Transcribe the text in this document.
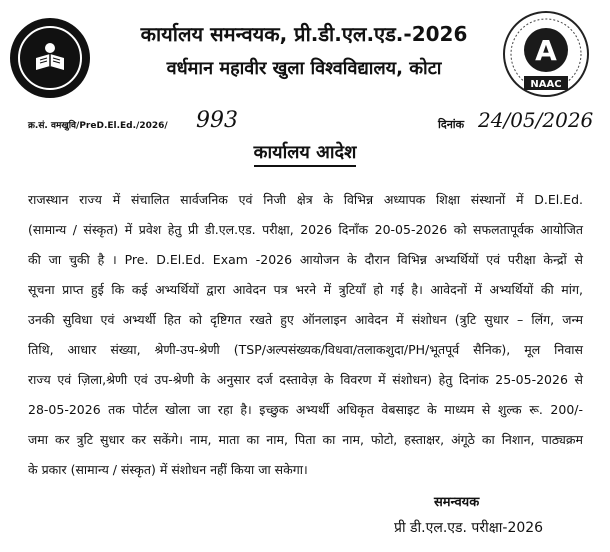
A
NAAC
कार्यालय समन्वयक, प्री.डी.एल.एड.-2026
वर्धमान महावीर खुला विश्वविद्यालय, कोटा
क्र.सं. वमखुवि/PreD.El.Ed./2026/ 993	दिनांक 24/05/2026
कार्यालय आदेश
राजस्थान राज्य में संचालित सार्वजनिक एवं निजी क्षेत्र के विभिन्न अध्यापक शिक्षा संस्थानों में D.El.Ed.
(सामान्य / संस्कृत) में प्रवेश हेतु प्री डी.एल.एड. परीक्षा, 2026 दिनाँक 20-05-2026 को सफलतापूर्वक आयोजित
की जा चुकी है । Pre. D.El.Ed. Exam -2026 आयोजन के दौरान विभिन्न अभ्यर्थियों एवं परीक्षा केन्द्रों से
सूचना प्राप्त हुई कि कई अभ्यर्थियों द्वारा आवेदन पत्र भरने में त्रुटियाँ हो गई है। आवेदनों में अभ्यर्थियों की मांग,
उनकी सुविधा एवं अभ्यर्थी हित को दृष्टिगत रखते हुए ऑनलाइन आवेदन में संशोधन (त्रुटि सुधार – लिंग, जन्म
तिथि, आधार संख्या, श्रेणी-उप-श्रेणी (TSP/अल्पसंख्यक/विधवा/तलाकशुदा/PH/भूतपूर्व सैनिक), मूल निवास
राज्य एवं ज़िला,श्रेणी एवं उप-श्रेणी के अनुसार दर्ज दस्तावेज़ के विवरण में संशोधन) हेतु दिनांक 25-05-2026 से
28-05-2026 तक पोर्टल खोला जा रहा है। इच्छुक अभ्यर्थी अधिकृत वेबसाइट के माध्यम से शुल्क रू. 200/-
जमा कर त्रुटि सुधार कर सकेंगे। नाम, माता का नाम, पिता का नाम, फोटो, हस्ताक्षर, अंगूठे का निशान, पाठ्यक्रम
के प्रकार (सामान्य / संस्कृत) में संशोधन नहीं किया जा सकेगा।
समन्वयक
प्री डी.एल.एड. परीक्षा-2026
